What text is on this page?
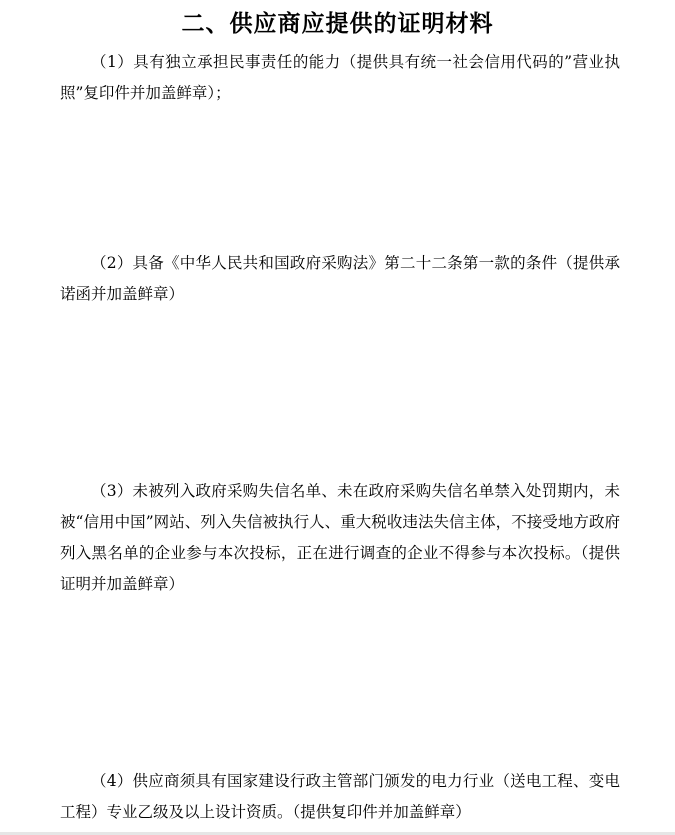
二、供应商应提供的证明材料

（1）具有独立承担民事责任的能力（提供具有统一社会信用代码的”营业执照”复印件并加盖鲜章）；

（2）具备《中华人民共和国政府采购法》第二十二条第一款的条件（提供承诺函并加盖鲜章）

（3）未被列入政府采购失信名单、未在政府采购失信名单禁入处罚期内，未被“信用中国”网站、列入失信被执行人、重大税收违法失信主体，不接受地方政府列入黑名单的企业参与本次投标，正在进行调查的企业不得参与本次投标。（提供证明并加盖鲜章）

（4）供应商须具有国家建设行政主管部门颁发的电力行业（送电工程、变电工程）专业乙级及以上设计资质。（提供复印件并加盖鲜章）
